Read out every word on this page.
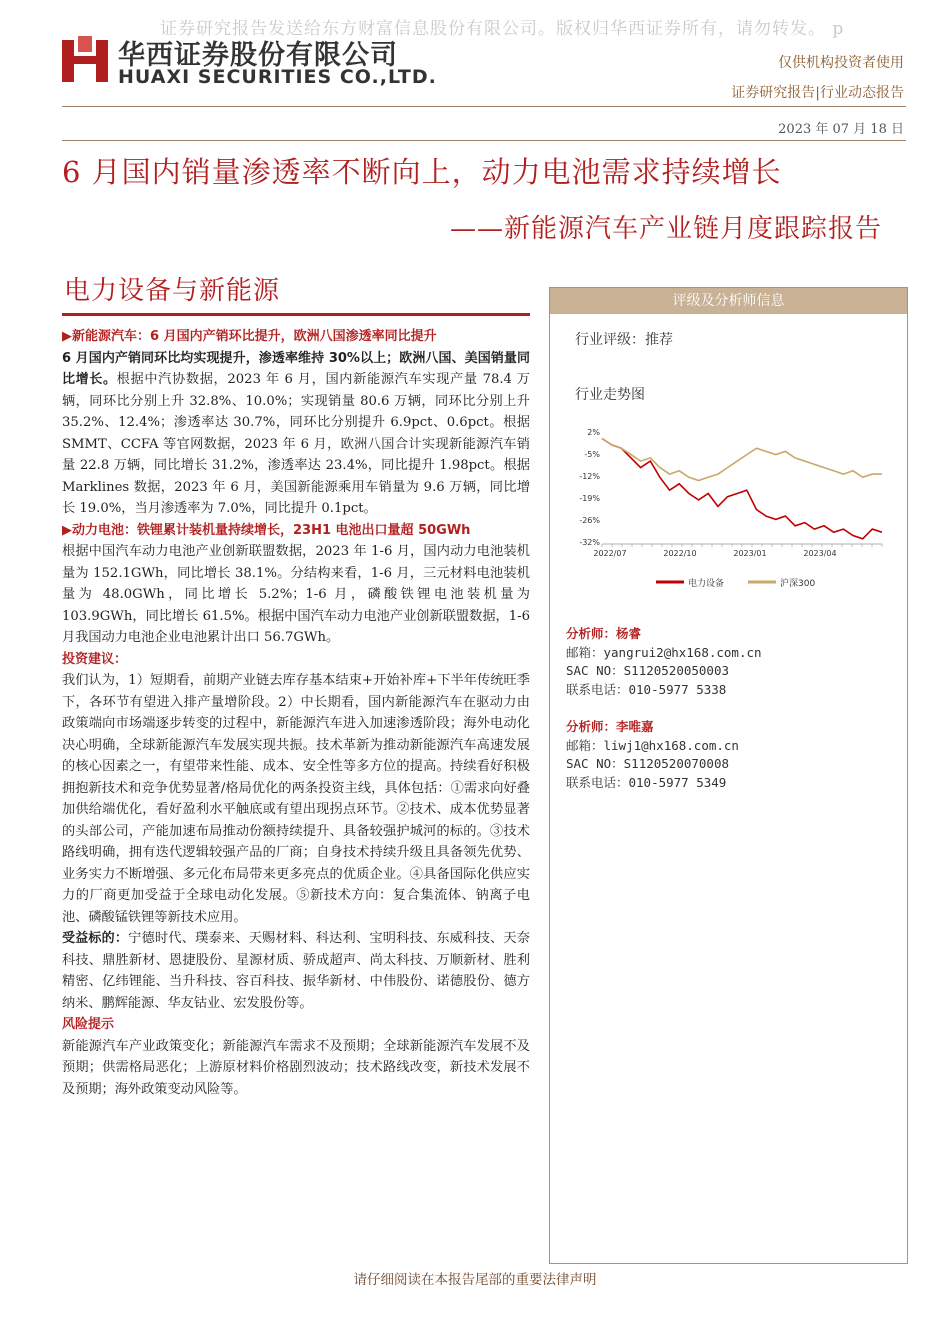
证券研究报告发送给东方财富信息股份有限公司。版权归华西证券所有，请勿转发。 p
华西证券股份有限公司
HUAXI SECURITIES CO.,LTD.
仅供机构投资者使用
证券研究报告|行业动态报告
2023 年 07 月 18 日
6 月国内销量渗透率不断向上，动力电池需求持续增长
——新能源汽车产业链月度跟踪报告
电力设备与新能源

▶新能源汽车：6 月国内产销环比提升，欧洲八国渗透率同比提升

6 月国内产销同环比均实现提升，渗透率维持 30%以上；欧洲八国、美国销量同比增长。根据中汽协数据，2023 年 6 月，国内新能源汽车实现产量 78.4 万辆，同环比分别上升 32.8%、10.0%；实现销量 80.6 万辆，同环比分别上升 35.2%、12.4%；渗透率达 30.7%，同环比分别提升 6.9pct、0.6pct。根据 SMMT、CCFA 等官网数据，2023 年 6 月，欧洲八国合计实现新能源汽车销量 22.8 万辆，同比增长 31.2%，渗透率达 23.4%，同比提升 1.98pct。根据 Marklines 数据，2023 年 6 月，美国新能源乘用车销量为 9.6 万辆，同比增长 19.0%，当月渗透率为 7.0%，同比提升 0.1pct。

▶动力电池：铁锂累计装机量持续增长，23H1 电池出口量超 50GWh

根据中国汽车动力电池产业创新联盟数据，2023 年 1-6 月，国内动力电池装机量为 152.1GWh，同比增长 38.1%。分结构来看，1-6 月，三元材料电池装机量为 48.0GWh，同比增长 5.2%；1-6 月，磷酸铁锂电池装机量为 103.9GWh，同比增长 61.5%。根据中国汽车动力电池产业创新联盟数据，1-6 月我国动力电池企业电池累计出口 56.7GWh。

投资建议：

我们认为，1）短期看，前期产业链去库存基本结束+开始补库+下半年传统旺季下，各环节有望进入排产量增阶段。2）中长期看，国内新能源汽车在驱动力由政策端向市场端逐步转变的过程中，新能源汽车进入加速渗透阶段；海外电动化决心明确，全球新能源汽车发展实现共振。技术革新为推动新能源汽车高速发展的核心因素之一，有望带来性能、成本、安全性等多方位的提高。持续看好积极拥抱新技术和竞争优势显著/格局优化的两条投资主线，具体包括：①需求向好叠加供给端优化，看好盈利水平触底或有望出现拐点环节。②技术、成本优势显著的头部公司，产能加速布局推动份额持续提升、具备较强护城河的标的。③技术路线明确，拥有迭代逻辑较强产品的厂商；自身技术持续升级且具备领先优势、业务实力不断增强、多元化布局带来更多亮点的优质企业。④具备国际化供应实力的厂商更加受益于全球电动化发展。⑤新技术方向：复合集流体、钠离子电池、磷酸锰铁锂等新技术应用。

受益标的：宁德时代、璞泰来、天赐材料、科达利、宝明科技、东威科技、天奈科技、鼎胜新材、恩捷股份、星源材质、骄成超声、尚太科技、万顺新材、胜利精密、亿纬锂能、当升科技、容百科技、振华新材、中伟股份、诺德股份、德方纳米、鹏辉能源、华友钴业、宏发股份等。

风险提示

新能源汽车产业政策变化；新能源汽车需求不及预期；全球新能源汽车发展不及预期；供需格局恶化；上游原材料价格剧烈波动；技术路线改变，新技术发展不及预期；海外政策变动风险等。

评级及分析师信息
行业评级：推荐
行业走势图
2%
-5%
-12%
-19%
-26%
-32%
2022/07	2022/10	2023/01	2023/04
电力设备	沪深300
分析师：杨睿
邮箱：yangrui2@hx168.com.cn
SAC NO：S1120520050003
联系电话：010-5977 5338
分析师：李唯嘉
邮箱：liwj1@hx168.com.cn
SAC NO：S1120520070008
联系电话：010-5977 5349
请仔细阅读在本报告尾部的重要法律声明
